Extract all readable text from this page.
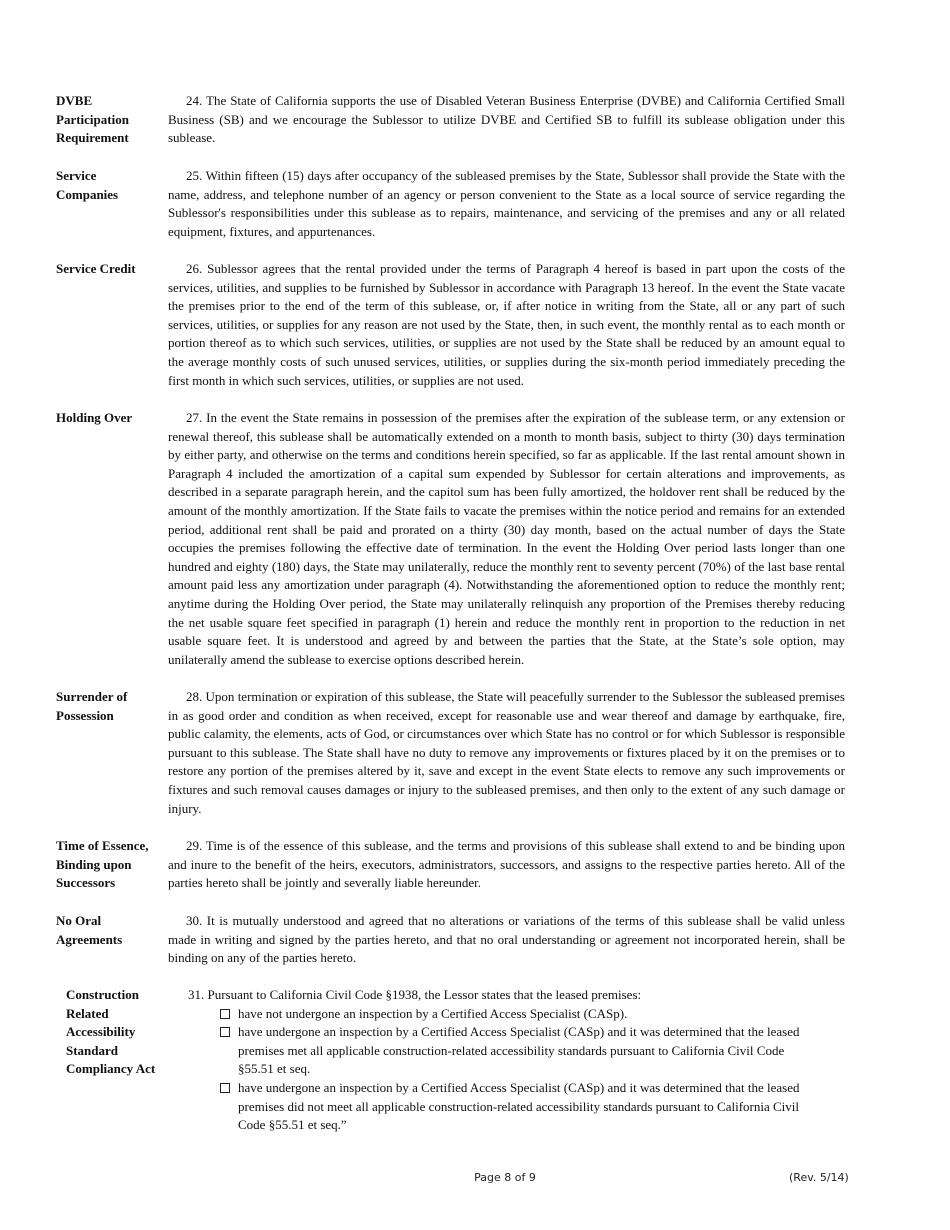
DVBE
Participation
Requirement
24. The State of California supports the use of Disabled Veteran Business Enterprise (DVBE) and California Certified Small Business (SB) and we encourage the Sublessor to utilize DVBE and Certified SB to fulfill its sublease obligation under this sublease.
Service
Companies
25. Within fifteen (15) days after occupancy of the subleased premises by the State, Sublessor shall provide the State with the name, address, and telephone number of an agency or person convenient to the State as a local source of service regarding the Sublessor's responsibilities under this sublease as to repairs, maintenance, and servicing of the premises and any or all related equipment, fixtures, and appurtenances.
Service Credit	26. Sublessor agrees that the rental provided under the terms of Paragraph 4 hereof is based in part upon the costs of the services, utilities, and supplies to be furnished by Sublessor in accordance with Paragraph 13 hereof. In the event the State vacate the premises prior to the end of the term of this sublease, or, if after notice in writing from the State, all or any part of such services, utilities, or supplies for any reason are not used by the State, then, in such event, the monthly rental as to each month or portion thereof as to which such services, utilities, or supplies are not used by the State shall be reduced by an amount equal to the average monthly costs of such unused services, utilities, or supplies during the six-month period immediately preceding the first month in which such services, utilities, or supplies are not used.
Holding Over	27. In the event the State remains in possession of the premises after the expiration of the sublease term, or any extension or renewal thereof, this sublease shall be automatically extended on a month to month basis, subject to thirty (30) days termination by either party, and otherwise on the terms and conditions herein specified, so far as applicable. If the last rental amount shown in Paragraph 4 included the amortization of a capital sum expended by Sublessor for certain alterations and improvements, as described in a separate paragraph herein, and the capitol sum has been fully amortized, the holdover rent shall be reduced by the amount of the monthly amortization. If the State fails to vacate the premises within the notice period and remains for an extended period, additional rent shall be paid and prorated on a thirty (30) day month, based on the actual number of days the State occupies the premises following the effective date of termination. In the event the Holding Over period lasts longer than one hundred and eighty (180) days, the State may unilaterally, reduce the monthly rent to seventy percent (70%) of the last base rental amount paid less any amortization under paragraph (4). Notwithstanding the aforementioned option to reduce the monthly rent; anytime during the Holding Over period, the State may unilaterally relinquish any proportion of the Premises thereby reducing the net usable square feet specified in paragraph (1) herein and reduce the monthly rent in proportion to the reduction in net usable square feet. It is understood and agreed by and between the parties that the State, at the State’s sole option, may unilaterally amend the sublease to exercise options described herein.
Surrender of
Possession
28. Upon termination or expiration of this sublease, the State will peacefully surrender to the Sublessor the subleased premises in as good order and condition as when received, except for reasonable use and wear thereof and damage by earthquake, fire, public calamity, the elements, acts of God, or circumstances over which State has no control or for which Sublessor is responsible pursuant to this sublease. The State shall have no duty to remove any improvements or fixtures placed by it on the premises or to restore any portion of the premises altered by it, save and except in the event State elects to remove any such improvements or fixtures and such removal causes damages or injury to the subleased premises, and then only to the extent of any such damage or injury.
Time of Essence,
Binding upon
Successors
29. Time is of the essence of this sublease, and the terms and provisions of this sublease shall extend to and be binding upon and inure to the benefit of the heirs, executors, administrators, successors, and assigns to the respective parties hereto. All of the parties hereto shall be jointly and severally liable hereunder.
No Oral
Agreements
30. It is mutually understood and agreed that no alterations or variations of the terms of this sublease shall be valid unless made in writing and signed by the parties hereto, and that no oral understanding or agreement not incorporated herein, shall be binding on any of the parties hereto.
Construction
Related
Accessibility
Standard
Compliancy Act
31. Pursuant to California Civil Code §1938, the Lessor states that the leased premises:
have not undergone an inspection by a Certified Access Specialist (CASp).
have undergone an inspection by a Certified Access Specialist (CASp) and it was determined that the leased premises met all applicable construction-related accessibility standards pursuant to California Civil Code §55.51 et seq.
have undergone an inspection by a Certified Access Specialist (CASp) and it was determined that the leased premises did not meet all applicable construction-related accessibility standards pursuant to California Civil Code §55.51 et seq.”
Page 8 of 9	(Rev. 5/14)
